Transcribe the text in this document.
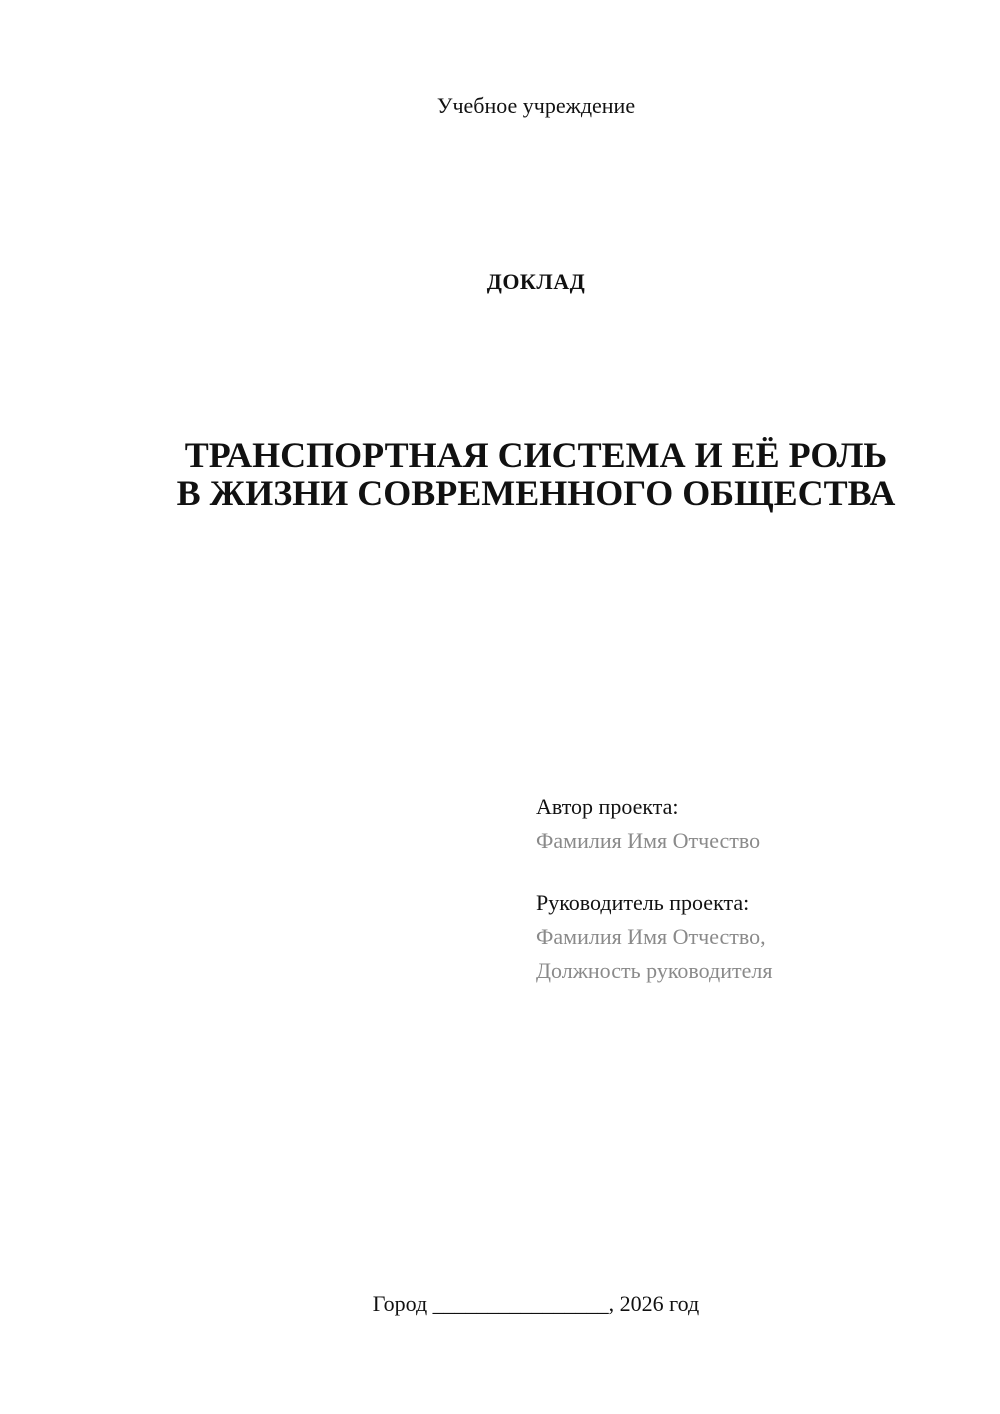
Учебное учреждение
ДОКЛАД
ТРАНСПОРТНАЯ СИСТЕМА И ЕЁ РОЛЬ
В ЖИЗНИ СОВРЕМЕННОГО ОБЩЕСТВА
Автор проекта:
Фамилия Имя Отчество
Руководитель проекта:
Фамилия Имя Отчество,
Должность руководителя
Город ________________, 2026 год
